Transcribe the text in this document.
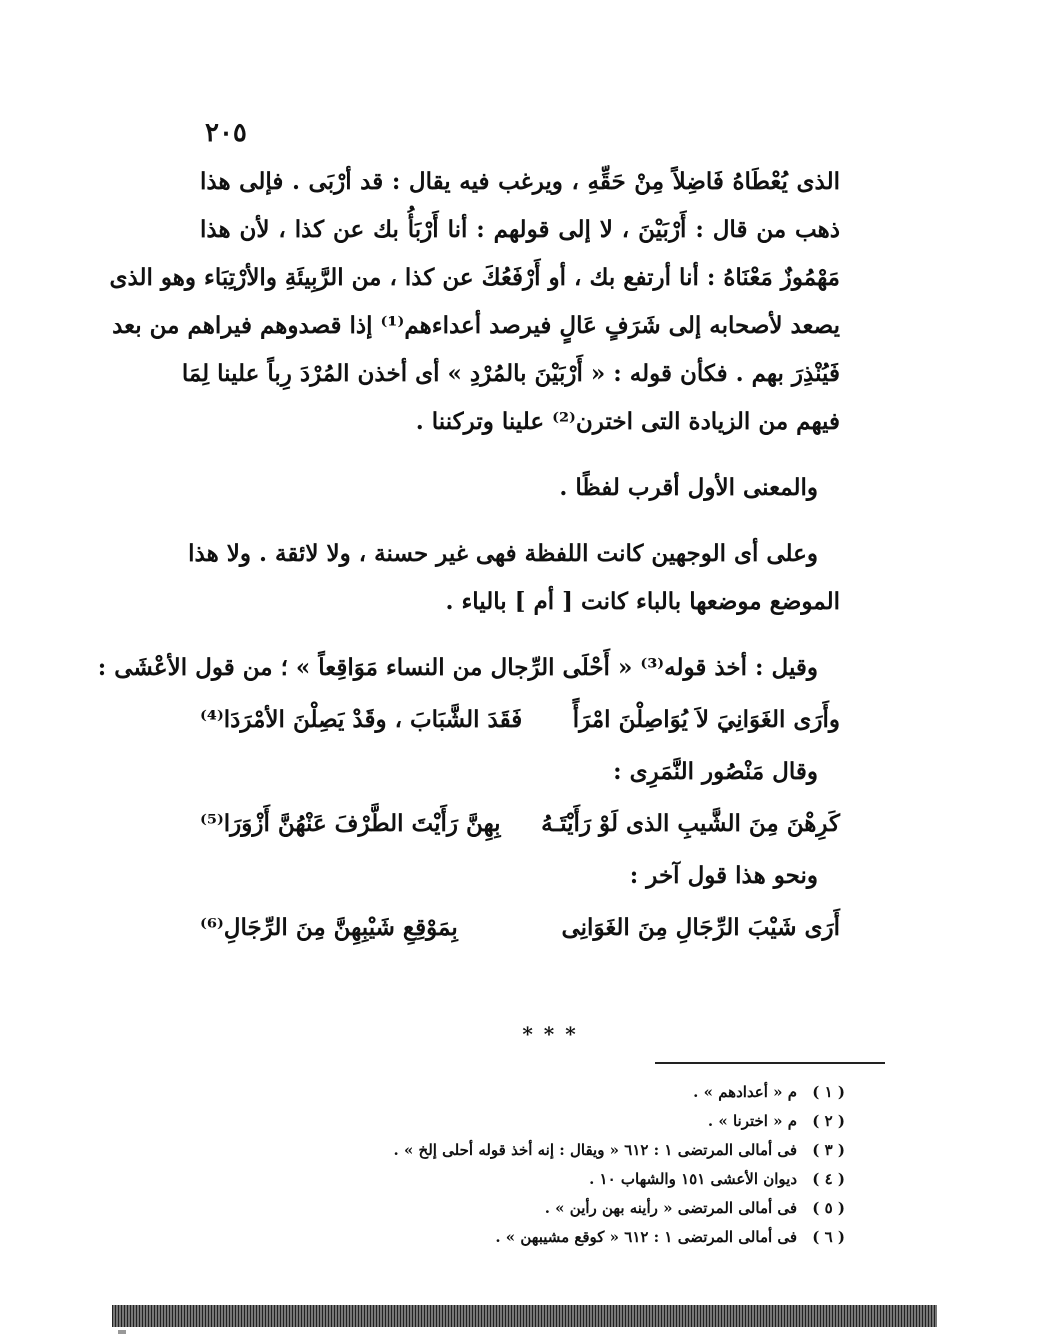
٢٠٥
الذى يُعْطَاهُ فَاضِلاً مِنْ حَقِّهِ ، ويرغب فيه يقال : قد أرْبَى . فإلى هذا
ذهب من قال : أَرْبَيْنَ ، لا إلى قولهم : أنا أَرْبَأُ بك عن كذا ، لأن هذا
مَهْمُوزٌ مَعْنَاهُ : أنا أرتفع بك ، أو أَرْفَعُكَ عن كذا ، من الرَّبِيئَةِ والأرْتِبَاء وهو الذى
يصعد لأصحابه إلى شَرَفٍ عَالٍ فيرصد أعداءهم⁽¹⁾ إذا قصدوهم فيراهم من بعد
فَيُنْذِرَ بهم . فكأن قوله : « أَرْبَيْنَ بالمُرْدِ » أى أخذن المُرْدَ رِباً علينا لِمَا
فيهم من الزيادة التى اخترن⁽²⁾ علينا وتركننا .
والمعنى الأول أقرب لفظًا .
وعلى أى الوجهين كانت اللفظة فهى غير حسنة ، ولا لائقة . ولا هذا
الموضع موضعها بالباء كانت [ أم ] بالياء .
وقيل : أخذ قوله⁽³⁾ « أَحْلَى الرِّجال من النساء مَوَاقِعاً » ؛ من قول الأعْشَى :
وأَرَى الغَوَانِيَ لاَ يُوَاصِلْنَ امْرَأً
فَقَدَ الشَّبَابَ ، وقَدْ يَصِلْنَ الأمْرَدَا⁽⁴⁾
وقال مَنْصُور النَّمَرِى :
كَرِهْنَ مِنَ الشَّيبِ الذى لَوْ رَأَيْتَـهُ
بِهِنَّ رَأَيْتَ الطَّرْفَ عَنْهُنَّ أَزْوَرَا⁽⁵⁾
ونحو هذا قول آخر :
أَرَى شَيْبَ الرِّجَالِ مِنَ الغَوَانِى
بِمَوْقِعِ شَيْبِهِنَّ مِنَ الرِّجَالِ⁽⁶⁾
* * *
( ١ ) م « أعدادهم » .
( ٢ ) م « اخترنا » .
( ٣ ) فى أمالى المرتضى ١ : ٦١٢ « ويقال : إنه أخذ قوله أحلى إلخ » .
( ٤ ) ديوان الأعشى ١٥١ والشهاب ١٠ .
( ٥ ) فى أمالى المرتضى « رأينه بهن رأين » .
( ٦ ) فى أمالى المرتضى ١ : ٦١٢ « كوقع مشيبهن » .
